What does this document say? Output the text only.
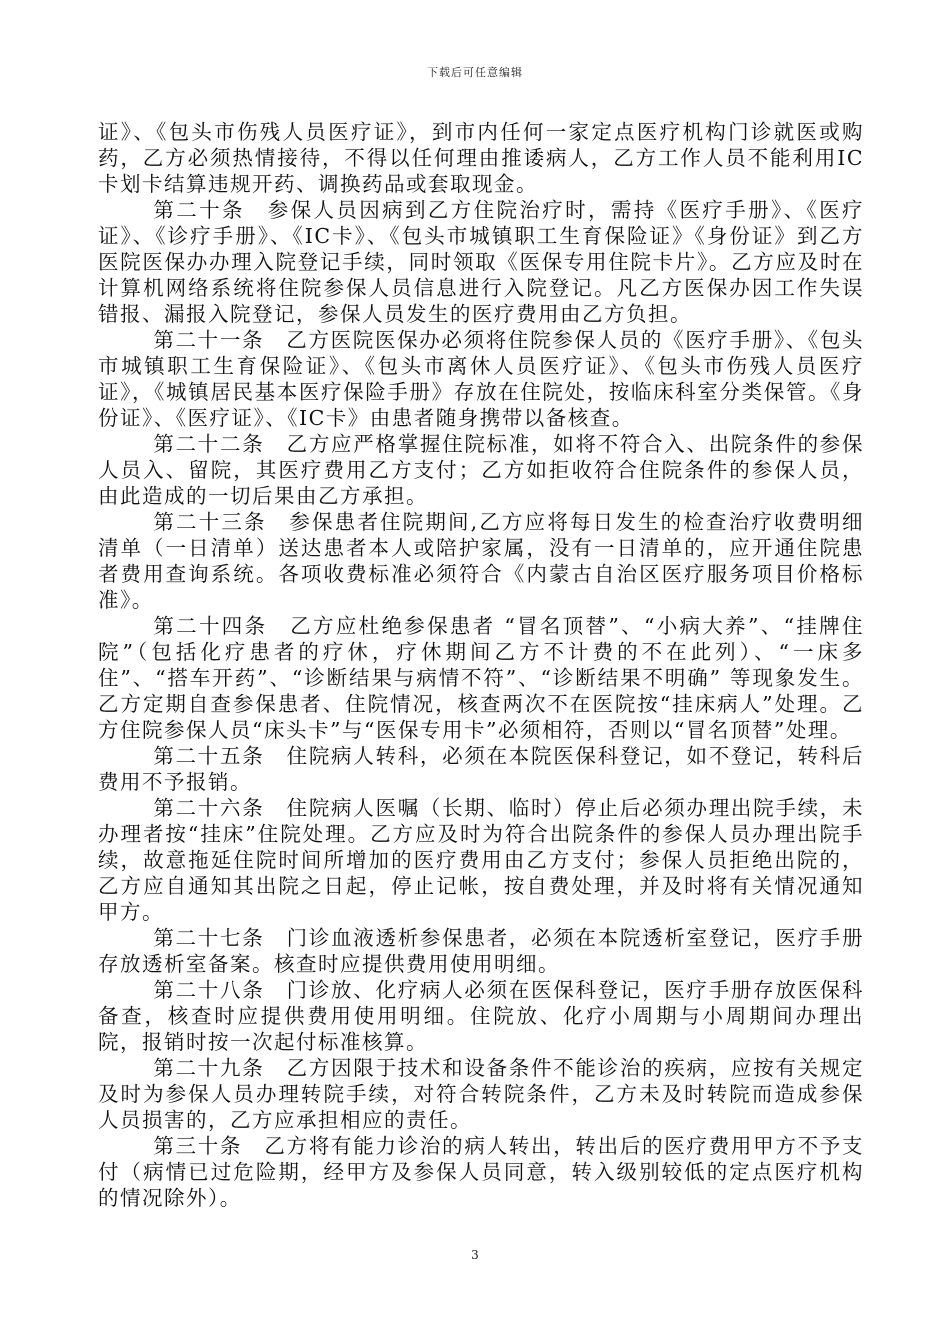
下载后可任意编辑

证》、《包头市伤残人员医疗证》，到市内任何一家定点医疗机构门诊就医或购药，乙方必须热情接待，不得以任何理由推诿病人，乙方工作人员不能利用IC卡划卡结算违规开药、调换药品或套取现金。

第二十条　参保人员因病到乙方住院治疗时，需持《医疗手册》、《医疗证》、《诊疗手册》、《IC卡》、《包头市城镇职工生育保险证》《身份证》到乙方医院医保办办理入院登记手续，同时领取《医保专用住院卡片》。乙方应及时在计算机网络系统将住院参保人员信息进行入院登记。凡乙方医保办因工作失误错报、漏报入院登记，参保人员发生的医疗费用由乙方负担。

第二十一条　乙方医院医保办必须将住院参保人员的《医疗手册》、《包头市城镇职工生育保险证》、《包头市离休人员医疗证》、《包头市伤残人员医疗证》，《城镇居民基本医疗保险手册》存放在住院处，按临床科室分类保管。《身份证》、《医疗证》、《IC卡》由患者随身携带以备核查。

第二十二条　乙方应严格掌握住院标准，如将不符合入、出院条件的参保人员入、留院，其医疗费用乙方支付；乙方如拒收符合住院条件的参保人员，由此造成的一切后果由乙方承担。

第二十三条　参保患者住院期间,乙方应将每日发生的检查治疗收费明细清单（一日清单）送达患者本人或陪护家属，没有一日清单的，应开通住院患者费用查询系统。各项收费标准必须符合《内蒙古自治区医疗服务项目价格标准》。

第二十四条　乙方应杜绝参保患者 “冒名顶替”、“小病大养”、“挂牌住院”（包括化疗患者的疗休，疗休期间乙方不计费的不在此列）、“一床多住”、“搭车开药”、“诊断结果与病情不符”、“诊断结果不明确” 等现象发生。乙方定期自查参保患者、住院情况，核查两次不在医院按“挂床病人”处理。乙方住院参保人员“床头卡”与“医保专用卡”必须相符，否则以“冒名顶替”处理。

第二十五条　住院病人转科，必须在本院医保科登记，如不登记，转科后费用不予报销。

第二十六条　住院病人医嘱（长期、临时）停止后必须办理出院手续，未办理者按“挂床”住院处理。乙方应及时为符合出院条件的参保人员办理出院手续，故意拖延住院时间所增加的医疗费用由乙方支付；参保人员拒绝出院的，乙方应自通知其出院之日起，停止记帐，按自费处理，并及时将有关情况通知甲方。

第二十七条　门诊血液透析参保患者，必须在本院透析室登记，医疗手册存放透析室备案。核查时应提供费用使用明细。

第二十八条　门诊放、化疗病人必须在医保科登记，医疗手册存放医保科备查，核查时应提供费用使用明细。住院放、化疗小周期与小周期间办理出院，报销时按一次起付标准核算。

第二十九条　乙方因限于技术和设备条件不能诊治的疾病，应按有关规定及时为参保人员办理转院手续，对符合转院条件，乙方未及时转院而造成参保人员损害的，乙方应承担相应的责任。

第三十条　乙方将有能力诊治的病人转出，转出后的医疗费用甲方不予支付（病情已过危险期，经甲方及参保人员同意，转入级别较低的定点医疗机构的情况除外）。

3
